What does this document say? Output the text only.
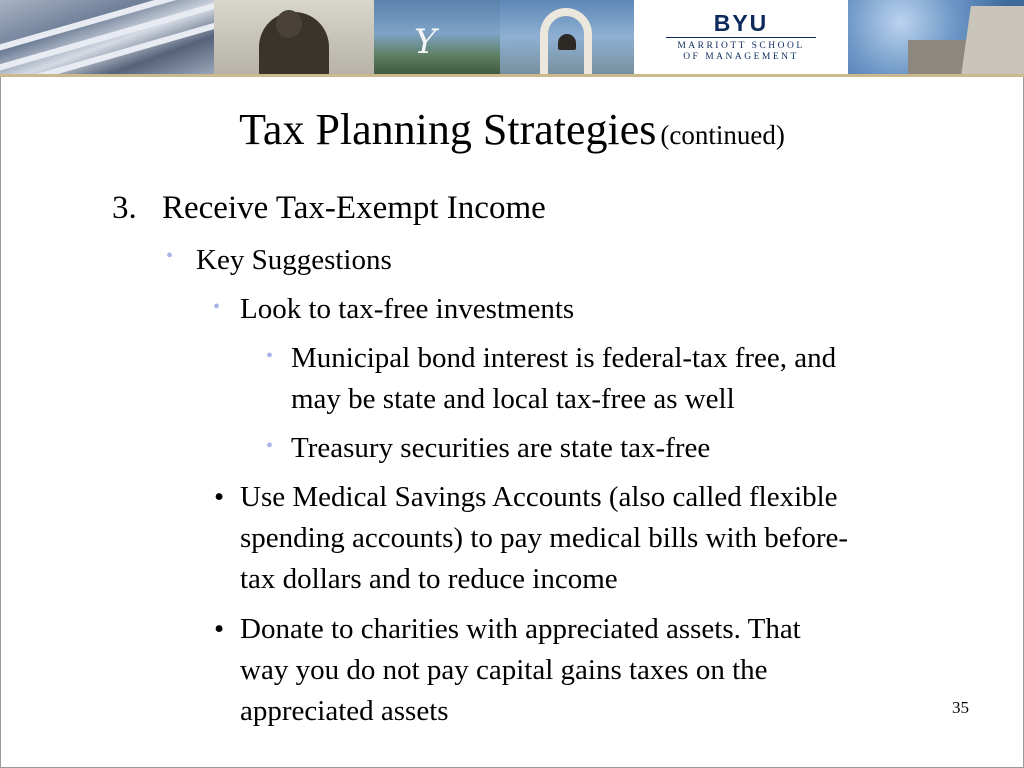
Y	BYU
MARRIOTT SCHOOL
OF MANAGEMENT
Tax Planning Strategies (continued)
3. Receive Tax-Exempt Income
• Key Suggestions
• Look to tax-free investments
• Municipal bond interest is federal-tax free, and
may be state and local tax-free as well
• Treasury securities are state tax-free
• Use Medical Savings Accounts (also called flexible
spending accounts) to pay medical bills with before-
tax dollars and to reduce income
• Donate to charities with appreciated assets. That
way you do not pay capital gains taxes on the
appreciated assets	35
